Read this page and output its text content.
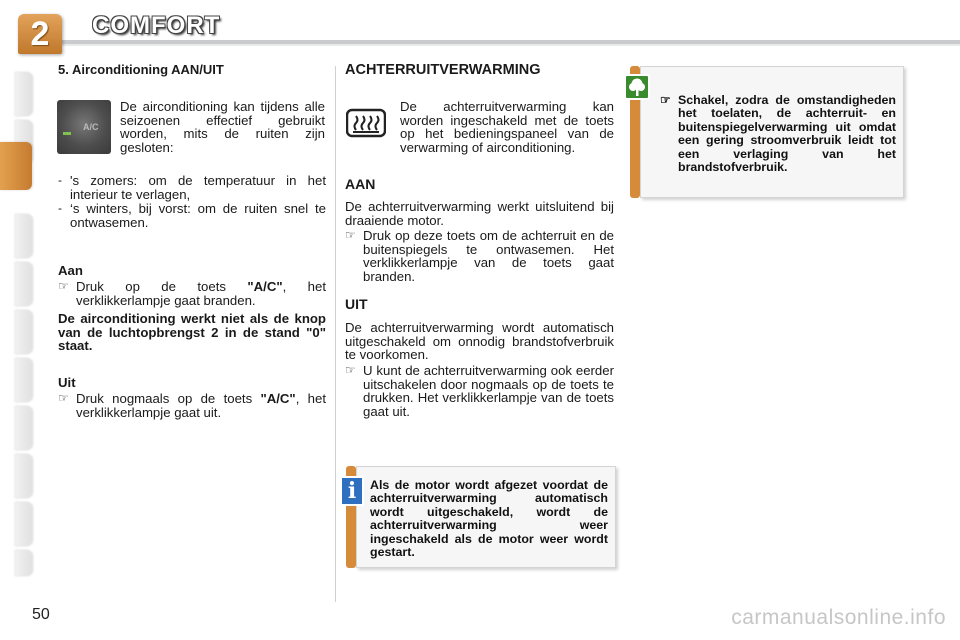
2	COMFORT
5. Airconditioning AAN/UIT
A/C
De airconditioning kan tijdens alle seizoenen effectief gebruikt worden, mits de ruiten zijn gesloten:
- 's zomers: om de temperatuur in het interieur te verlagen,
- ‘s winters, bij vorst: om de ruiten snel te ontwasemen.
Aan
☞ Druk op de toets "A/C", het verklikkerlampje gaat branden.
De airconditioning werkt niet als de knop van de luchtopbrengst 2 in de stand "0" staat.
Uit
☞ Druk nogmaals op de toets "A/C", het verklikkerlampje gaat uit.
ACHTERRUITVERWARMING
De achterruitverwarming kan worden ingeschakeld met de toets op het bedieningspaneel van de verwarming of airconditioning.
AAN
De achterruitverwarming werkt uitsluitend bij draaiende motor.
☞ Druk op deze toets om de achterruit en de buitenspiegels te ontwasemen. Het verklikkerlampje van de toets gaat branden.
UIT
De achterruitverwarming wordt automatisch uitgeschakeld om onnodig brandstofverbruik te voorkomen.
☞ U kunt de achterruitverwarming ook eerder uitschakelen door nogmaals op de toets te drukken. Het verklikkerlampje van de toets gaat uit.
i	Als de motor wordt afgezet voordat de achterruitverwarming automatisch wordt uitgeschakeld, wordt de achterruitverwarming weer ingeschakeld als de motor weer wordt gestart.
☞ Schakel, zodra de omstandigheden het toelaten, de achterruit- en buitenspiegelverwarming uit omdat een gering stroomverbruik leidt tot een verlaging van het brandstofverbruik.
50	carmanualsonline.info
